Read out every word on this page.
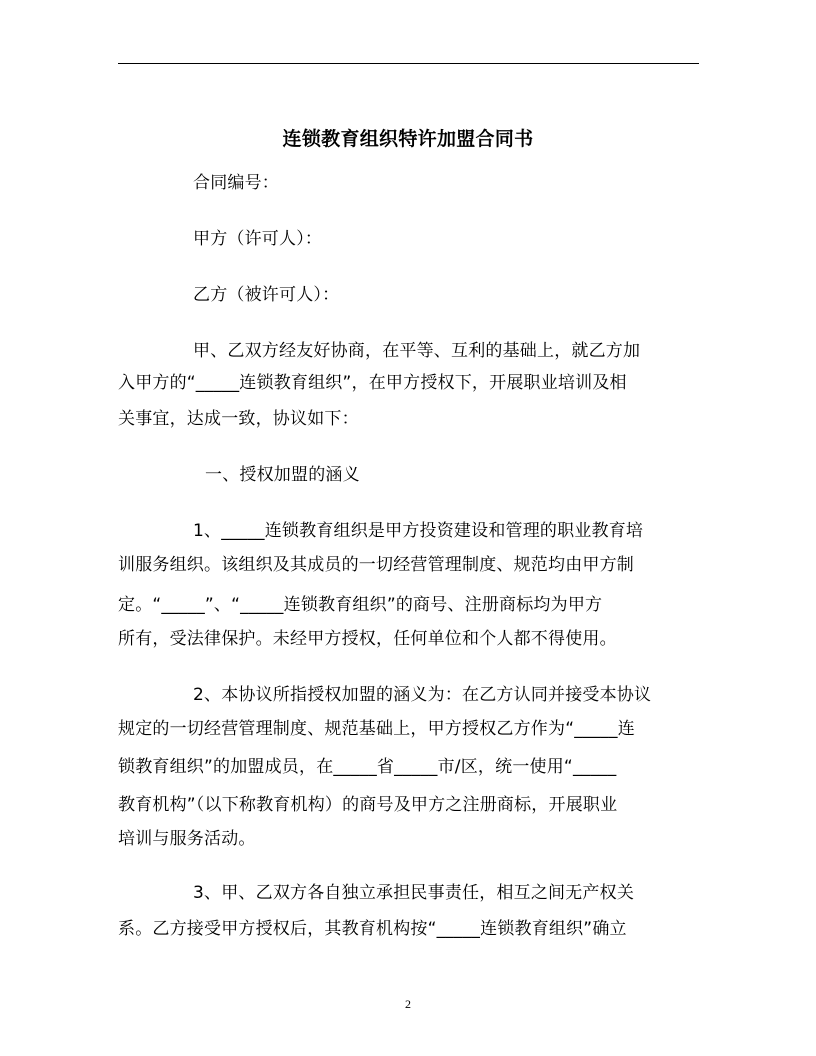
连锁教育组织特许加盟合同书
合同编号：
甲方（许可人）：
乙方（被许可人）：
甲、乙双方经友好协商，在平等、互利的基础上，就乙方加
入甲方的“_____连锁教育组织”，在甲方授权下，开展职业培训及相
关事宜，达成一致，协议如下：
一、授权加盟的涵义
1、_____连锁教育组织是甲方投资建设和管理的职业教育培
训服务组织。该组织及其成员的一切经营管理制度、规范均由甲方制
定。“_____”、“_____连锁教育组织”的商号、注册商标均为甲方
所有，受法律保护。未经甲方授权，任何单位和个人都不得使用。
2、本协议所指授权加盟的涵义为：在乙方认同并接受本协议
规定的一切经营管理制度、规范基础上，甲方授权乙方作为“_____连
锁教育组织”的加盟成员，在_____省_____市/区，统一使用“_____
教育机构”（以下称教育机构）的商号及甲方之注册商标，开展职业
培训与服务活动。
3、甲、乙双方各自独立承担民事责任，相互之间无产权关
系。乙方接受甲方授权后，其教育机构按“_____连锁教育组织”确立
2
